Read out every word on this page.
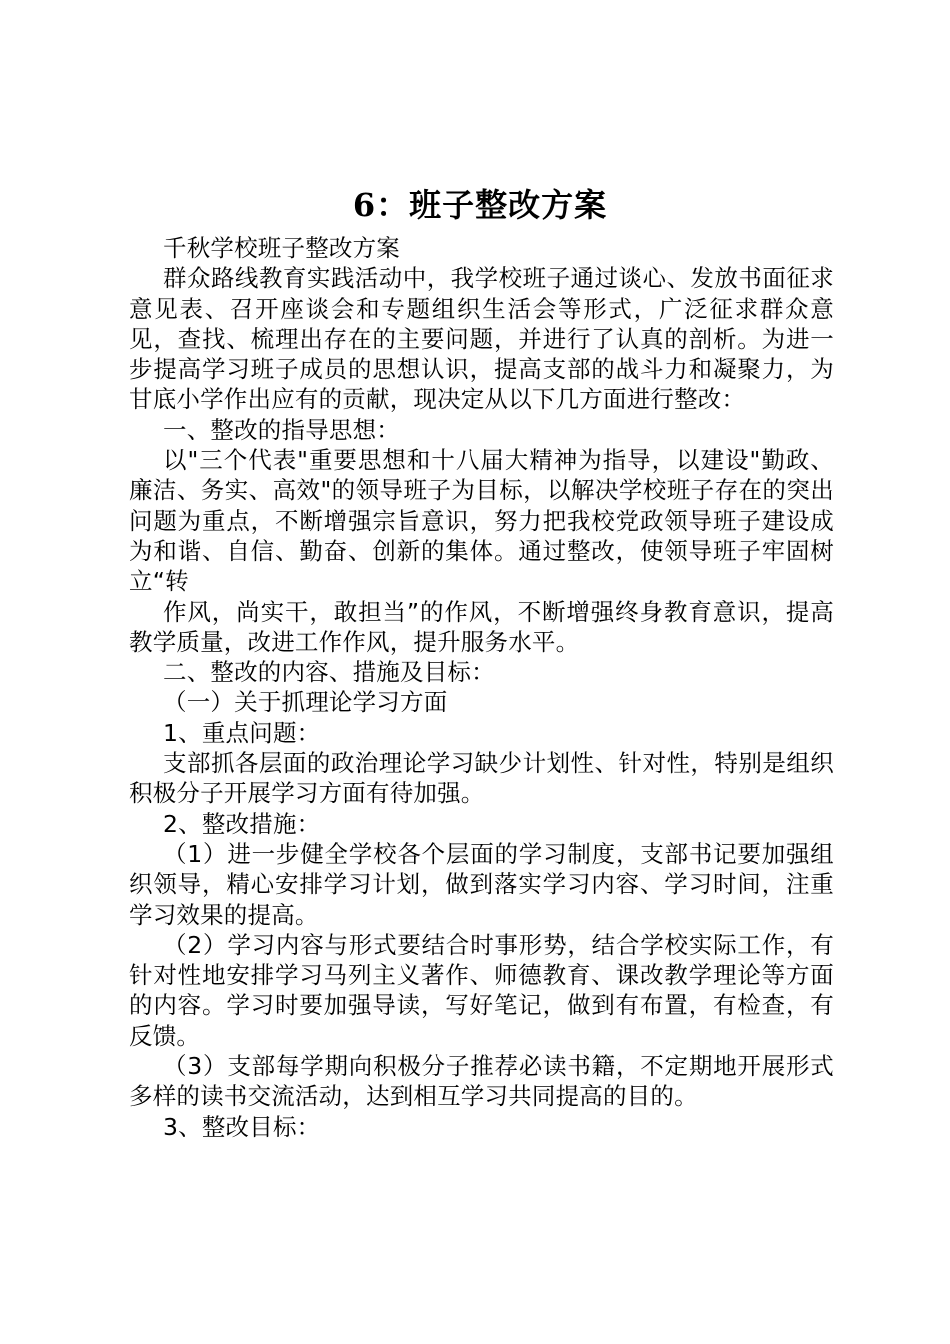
6：班子整改方案

千秋学校班子整改方案

群众路线教育实践活动中，我学校班子通过谈心、发放书面征求意见表、召开座谈会和专题组织生活会等形式，广泛征求群众意见，查找、梳理出存在的主要问题，并进行了认真的剖析。为进一步提高学习班子成员的思想认识，提高支部的战斗力和凝聚力，为甘底小学作出应有的贡献，现决定从以下几方面进行整改：

一、整改的指导思想：

以"三个代表"重要思想和十八届大精神为指导，以建设"勤政、廉洁、务实、高效"的领导班子为目标，以解决学校班子存在的突出问题为重点，不断增强宗旨意识，努力把我校党政领导班子建设成为和谐、自信、勤奋、创新的集体。通过整改，使领导班子牢固树立“转

作风，尚实干，敢担当”的作风，不断增强终身教育意识，提高教学质量，改进工作作风，提升服务水平。

二、整改的内容、措施及目标：

（一）关于抓理论学习方面

1、重点问题：

支部抓各层面的政治理论学习缺少计划性、针对性，特别是组织积极分子开展学习方面有待加强。

2、整改措施：

（1）进一步健全学校各个层面的学习制度，支部书记要加强组织领导，精心安排学习计划，做到落实学习内容、学习时间，注重学习效果的提高。

（2）学习内容与形式要结合时事形势，结合学校实际工作，有针对性地安排学习马列主义著作、师德教育、课改教学理论等方面的内容。学习时要加强导读，写好笔记，做到有布置，有检查，有反馈。

（3）支部每学期向积极分子推荐必读书籍，不定期地开展形式多样的读书交流活动，达到相互学习共同提高的目的。

3、整改目标：
